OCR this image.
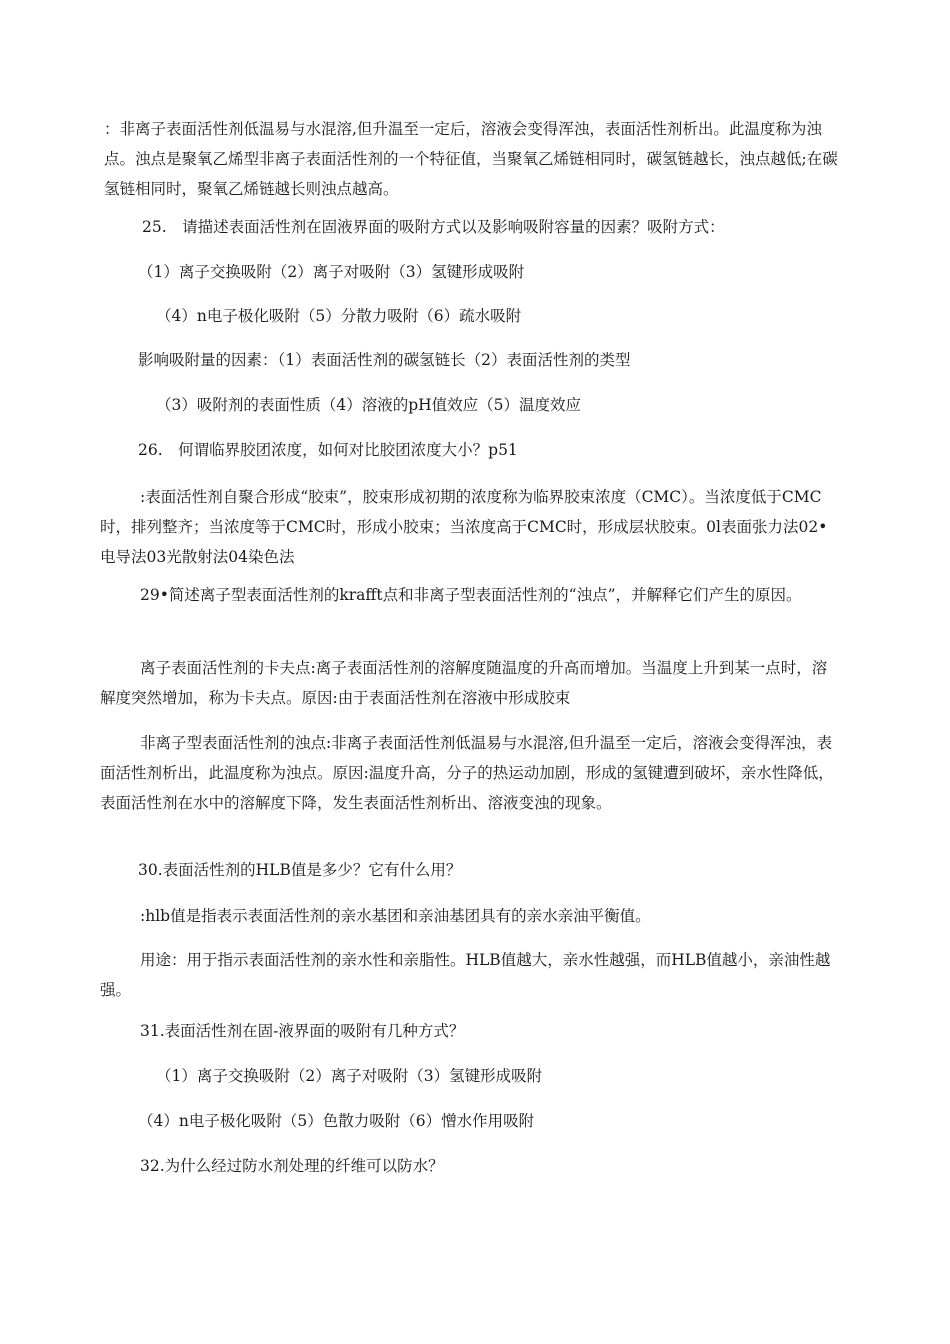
：非离子表面活性剂低温易与水混溶,但升温至一定后，溶液会变得浑浊，表面活性剂析出。此温度称为浊点。浊点是聚氧乙烯型非离子表面活性剂的一个特征值，当聚氧乙烯链相同时，碳氢链越长，浊点越低;在碳氢链相同时，聚氧乙烯链越长则浊点越高。

25.　请描述表面活性剂在固液界面的吸附方式以及影响吸附容量的因素？吸附方式：

（1）离子交换吸附（2）离子对吸附（3）氢键形成吸附

（4）n电子极化吸附（5）分散力吸附（6）疏水吸附

影响吸附量的因素：（1）表面活性剂的碳氢链长（2）表面活性剂的类型

（3）吸附剂的表面性质（4）溶液的pH值效应（5）温度效应

26.　何谓临界胶团浓度，如何对比胶团浓度大小？p51

:表面活性剂自聚合形成“胶束”，胶束形成初期的浓度称为临界胶束浓度（CMC）。当浓度低于CMC时，排列整齐；当浓度等于CMC时，形成小胶束；当浓度高于CMC时，形成层状胶束。0l表面张力法02•电导法03光散射法04染色法

29•简述离子型表面活性剂的krafft点和非离子型表面活性剂的“浊点”，并解释它们产生的原因。

离子表面活性剂的卡夫点:离子表面活性剂的溶解度随温度的升高而增加。当温度上升到某一点时，溶解度突然增加，称为卡夫点。原因:由于表面活性剂在溶液中形成胶束

非离子型表面活性剂的浊点:非离子表面活性剂低温易与水混溶,但升温至一定后，溶液会变得浑浊，表面活性剂析出，此温度称为浊点。原因:温度升高，分子的热运动加剧，形成的氢键遭到破坏，亲水性降低，表面活性剂在水中的溶解度下降，发生表面活性剂析出、溶液变浊的现象。

30.表面活性剂的HLB值是多少？它有什么用？

:hlb值是指表示表面活性剂的亲水基团和亲油基团具有的亲水亲油平衡值。

用途：用于指示表面活性剂的亲水性和亲脂性。HLB值越大，亲水性越强，而HLB值越小，亲油性越强。

31.表面活性剂在固-液界面的吸附有几种方式？

（1）离子交换吸附（2）离子对吸附（3）氢键形成吸附

（4）n电子极化吸附（5）色散力吸附（6）憎水作用吸附

32.为什么经过防水剂处理的纤维可以防水？
